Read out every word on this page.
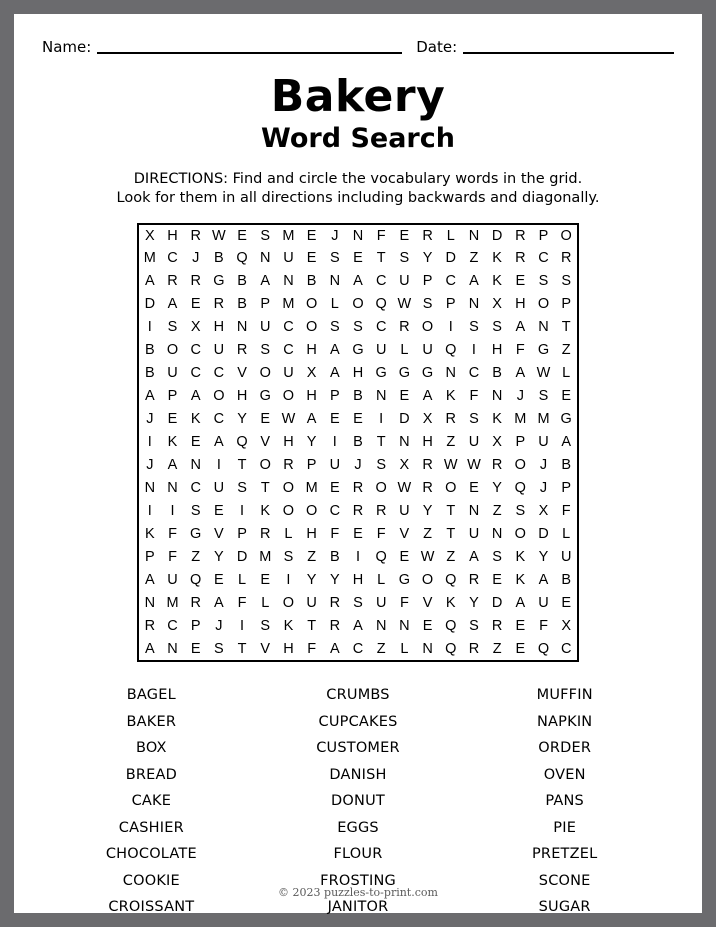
Name:	Date:
Bakery
Word Search
DIRECTIONS: Find and circle the vocabulary words in the grid.
Look for them in all directions including backwards and diagonally.
X	H	R	W	E	S	M	E	J	N	F	E	R	L	N	D	R	P	O
M	C	J	B	Q	N	U	E	S	E	T	S	Y	D	Z	K	R	C	R
A	R	R	G	B	A	N	B	N	A	C	U	P	C	A	K	E	S	S
D	A	E	R	B	P	M	O	L	O	Q	W	S	P	N	X	H	O	P
I	S	X	H	N	U	C	O	S	S	C	R	O	I	S	S	A	N	T
B	O	C	U	R	S	C	H	A	G	U	L	U	Q	I	H	F	G	Z
B	U	C	C	V	O	U	X	A	H	G	G	G	N	C	B	A	W	L
A	P	A	O	H	G	O	H	P	B	N	E	A	K	F	N	J	S	E
J	E	K	C	Y	E	W	A	E	E	I	D	X	R	S	K	M	M	G
I	K	E	A	Q	V	H	Y	I	B	T	N	H	Z	U	X	P	U	A
J	A	N	I	T	O	R	P	U	J	S	X	R	W	W	R	O	J	B
N	N	C	U	S	T	O	M	E	R	O	W	R	O	E	Y	Q	J	P
I	I	S	E	I	K	O	O	C	R	R	U	Y	T	N	Z	S	X	F
K	F	G	V	P	R	L	H	F	E	F	V	Z	T	U	N	O	D	L
P	F	Z	Y	D	M	S	Z	B	I	Q	E	W	Z	A	S	K	Y	U
A	U	Q	E	L	E	I	Y	Y	H	L	G	O	Q	R	E	K	A	B
N	M	R	A	F	L	O	U	R	S	U	F	V	K	Y	D	A	U	E
R	C	P	J	I	S	K	T	R	A	N	N	E	Q	S	R	E	F	X
A	N	E	S	T	V	H	F	A	C	Z	L	N	Q	R	Z	E	Q	C
BAGEL
BAKER
BOX
BREAD
CAKE
CASHIER
CHOCOLATE
COOKIE
CROISSANT
CRUMBS
CUPCAKES
CUSTOMER
DANISH
DONUT
EGGS
FLOUR
FROSTING
JANITOR
MUFFIN
NAPKIN
ORDER
OVEN
PANS
PIE
PRETZEL
SCONE
SUGAR
© 2023 puzzles-to-print.com
